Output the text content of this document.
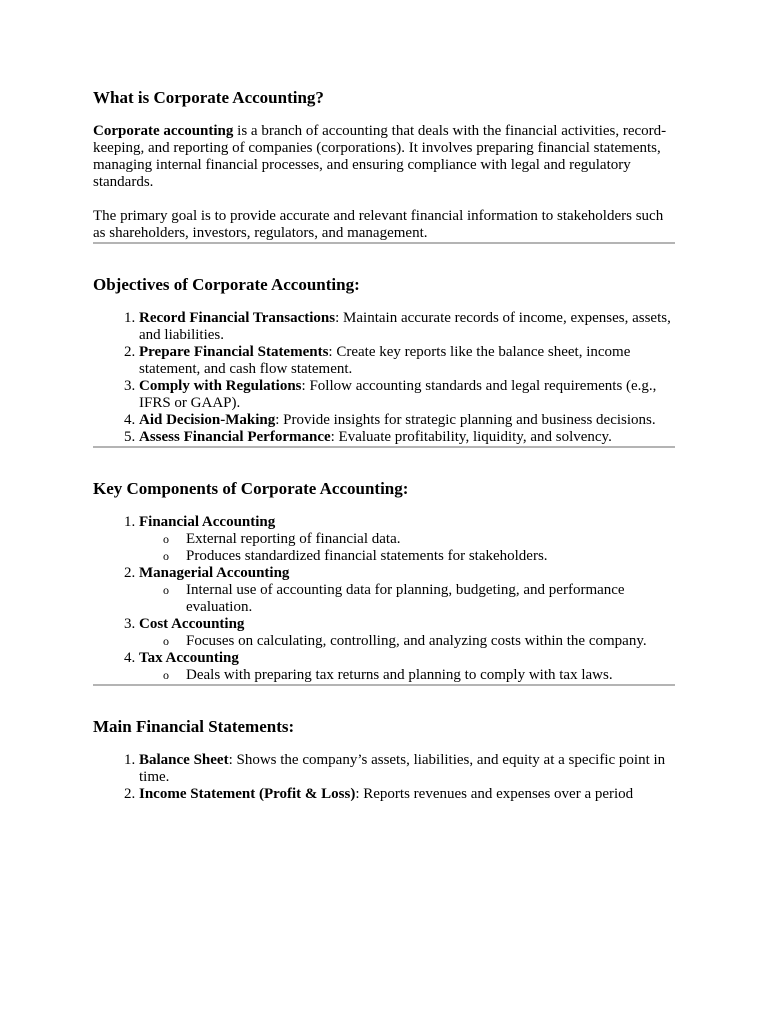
What is Corporate Accounting?

Corporate accounting is a branch of accounting that deals with the financial activities, record-keeping, and reporting of companies (corporations). It involves preparing financial statements, managing internal financial processes, and ensuring compliance with legal and regulatory standards.

The primary goal is to provide accurate and relevant financial information to stakeholders such as shareholders, investors, regulators, and management.

Objectives of Corporate Accounting:
1. Record Financial Transactions: Maintain accurate records of income, expenses, assets, and liabilities.
2. Prepare Financial Statements: Create key reports like the balance sheet, income statement, and cash flow statement.
3. Comply with Regulations: Follow accounting standards and legal requirements (e.g., IFRS or GAAP).
4. Aid Decision-Making: Provide insights for strategic planning and business decisions.
5. Assess Financial Performance: Evaluate profitability, liquidity, and solvency.
Key Components of Corporate Accounting:
1. Financial Accounting
o External reporting of financial data.
o Produces standardized financial statements for stakeholders.
2. Managerial Accounting
o Internal use of accounting data for planning, budgeting, and performance evaluation.
3. Cost Accounting
o Focuses on calculating, controlling, and analyzing costs within the company.
4. Tax Accounting
o Deals with preparing tax returns and planning to comply with tax laws.
Main Financial Statements:
1. Balance Sheet: Shows the company’s assets, liabilities, and equity at a specific point in time.
2. Income Statement (Profit & Loss): Reports revenues and expenses over a period
